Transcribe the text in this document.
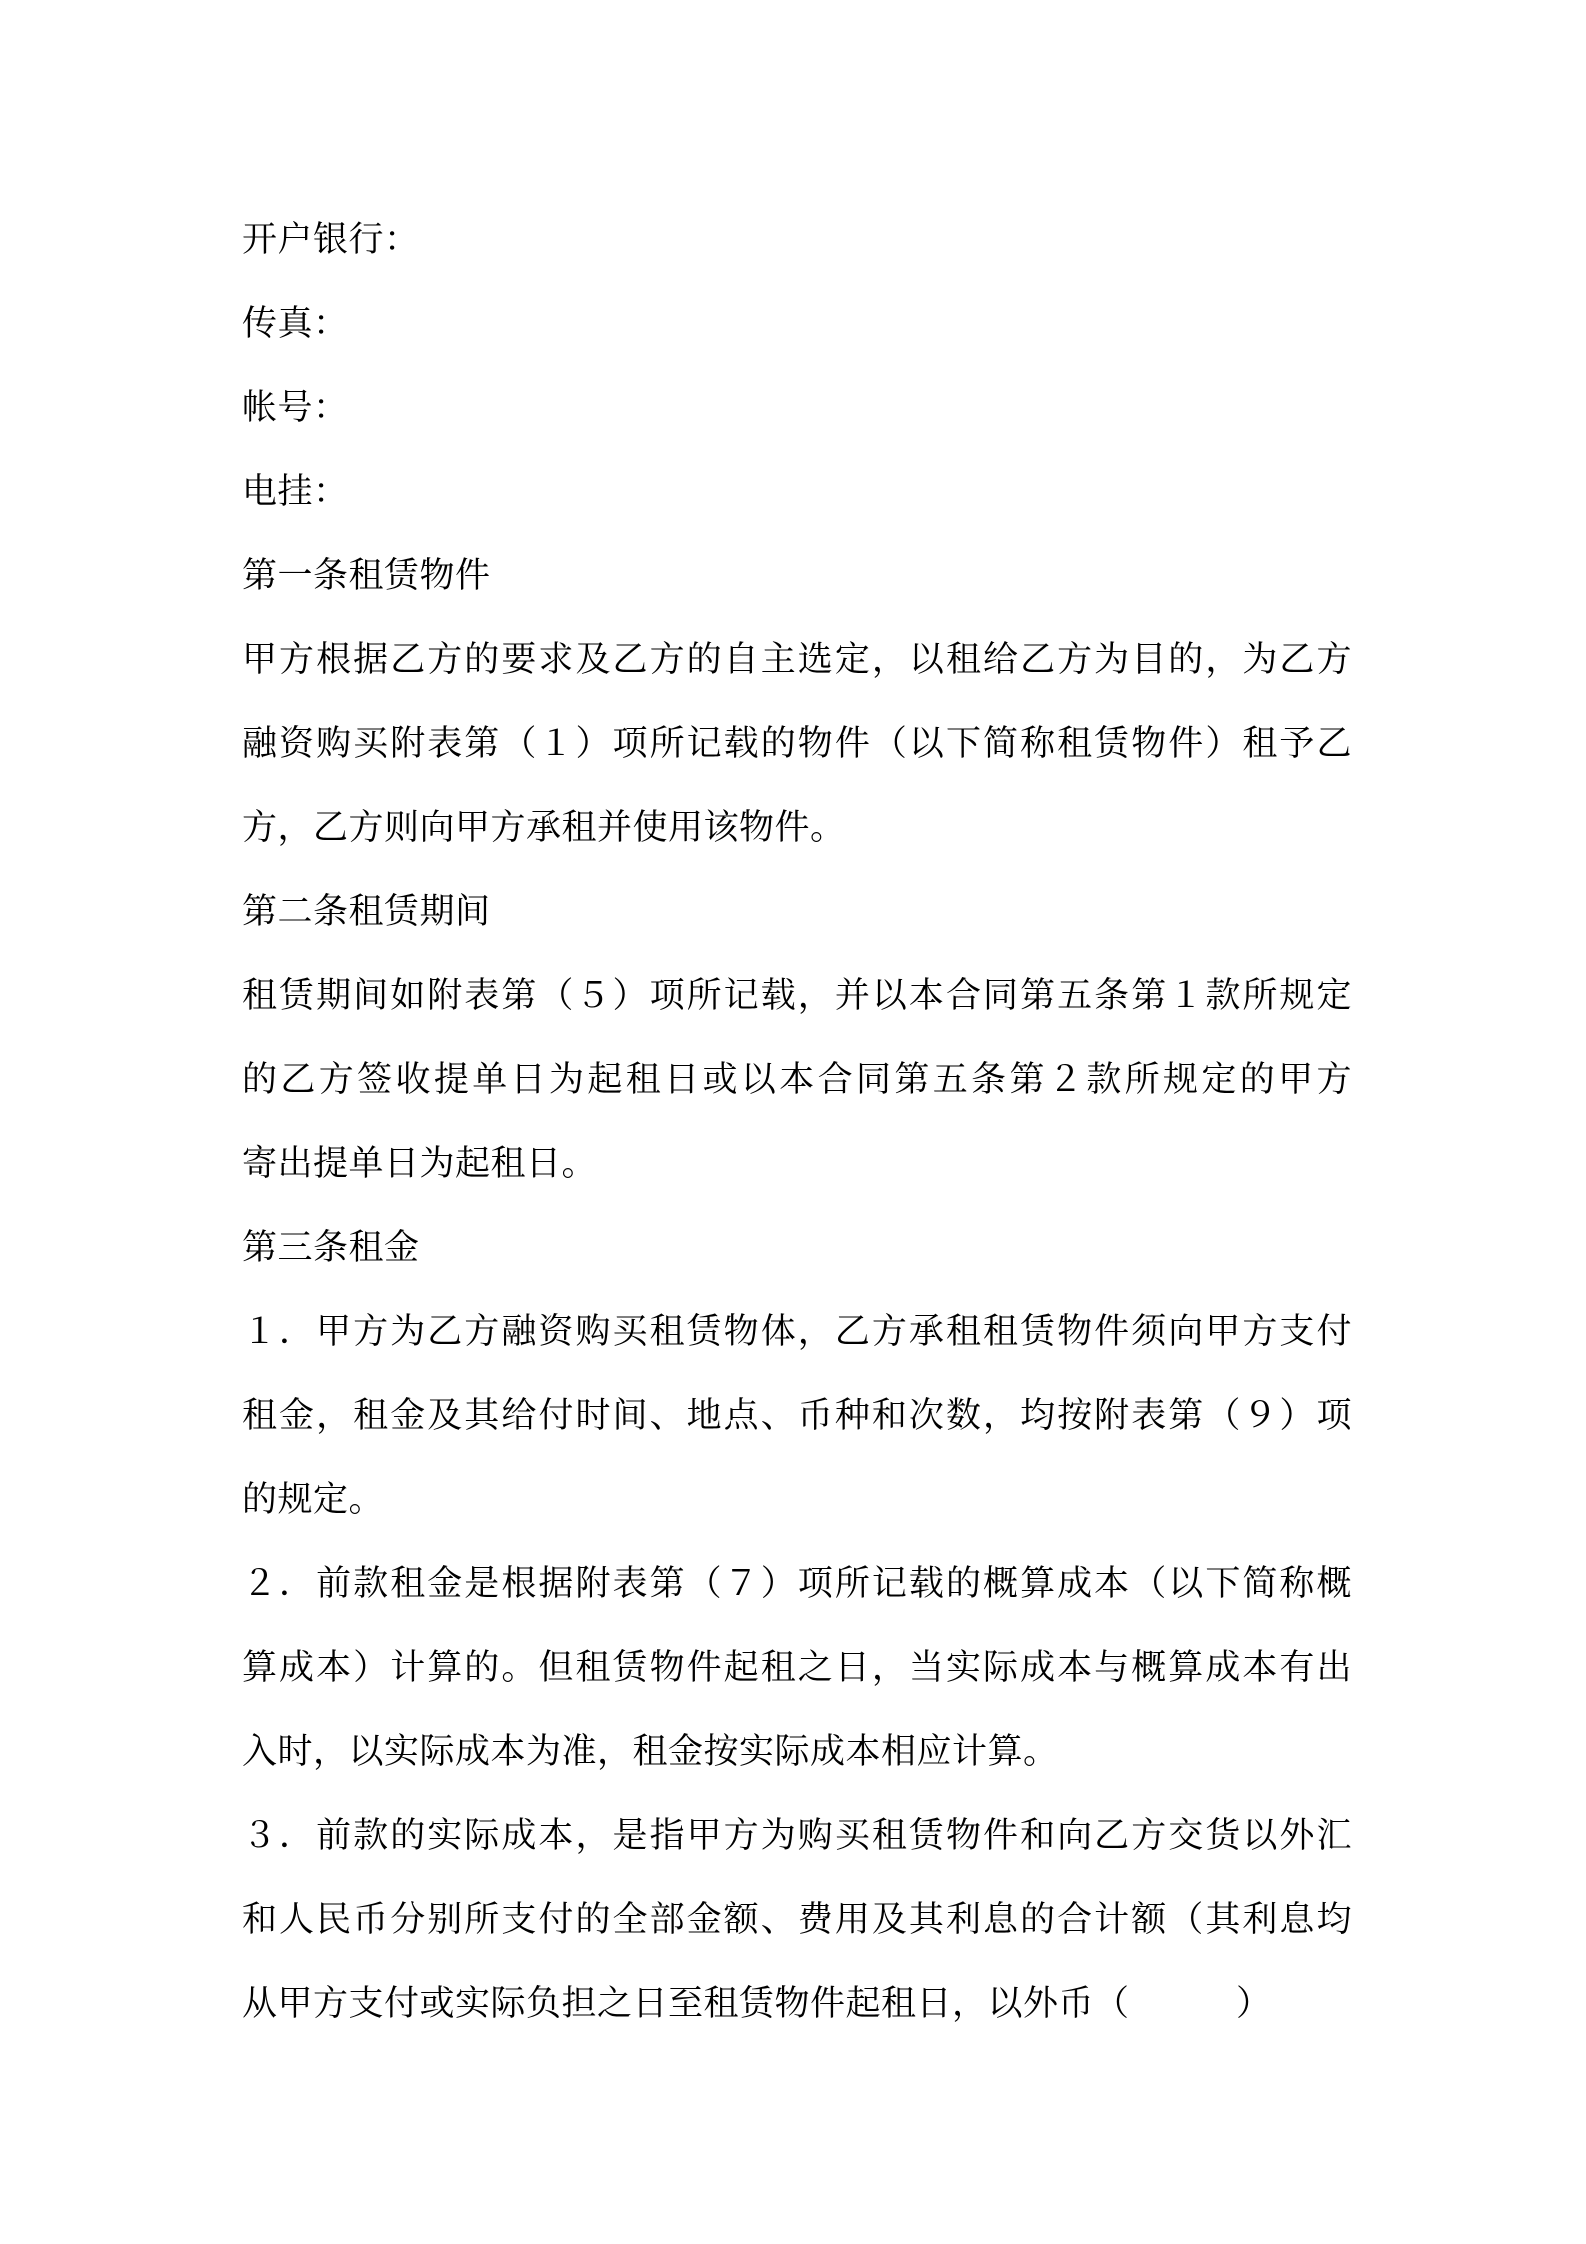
开户银行：
传真：
帐号：
电挂：
第一条租赁物件
甲方根据乙方的要求及乙方的自主选定，以租给乙方为目的，为乙方
融资购买附表第（１）项所记载的物件（以下简称租赁物件）租予乙
方，乙方则向甲方承租并使用该物件。
第二条租赁期间
租赁期间如附表第（５）项所记载，并以本合同第五条第１款所规定
的乙方签收提单日为起租日或以本合同第五条第２款所规定的甲方
寄出提单日为起租日。
第三条租金
１．甲方为乙方融资购买租赁物体，乙方承租租赁物件须向甲方支付
租金，租金及其给付时间、地点、币种和次数，均按附表第（９）项
的规定。
２．前款租金是根据附表第（７）项所记载的概算成本（以下简称概
算成本）计算的。但租赁物件起租之日，当实际成本与概算成本有出
入时，以实际成本为准，租金按实际成本相应计算。
３．前款的实际成本，是指甲方为购买租赁物件和向乙方交货以外汇
和人民币分别所支付的全部金额、费用及其利息的合计额（其利息均
从甲方支付或实际负担之日至租赁物件起租日，以外币（　　　）
